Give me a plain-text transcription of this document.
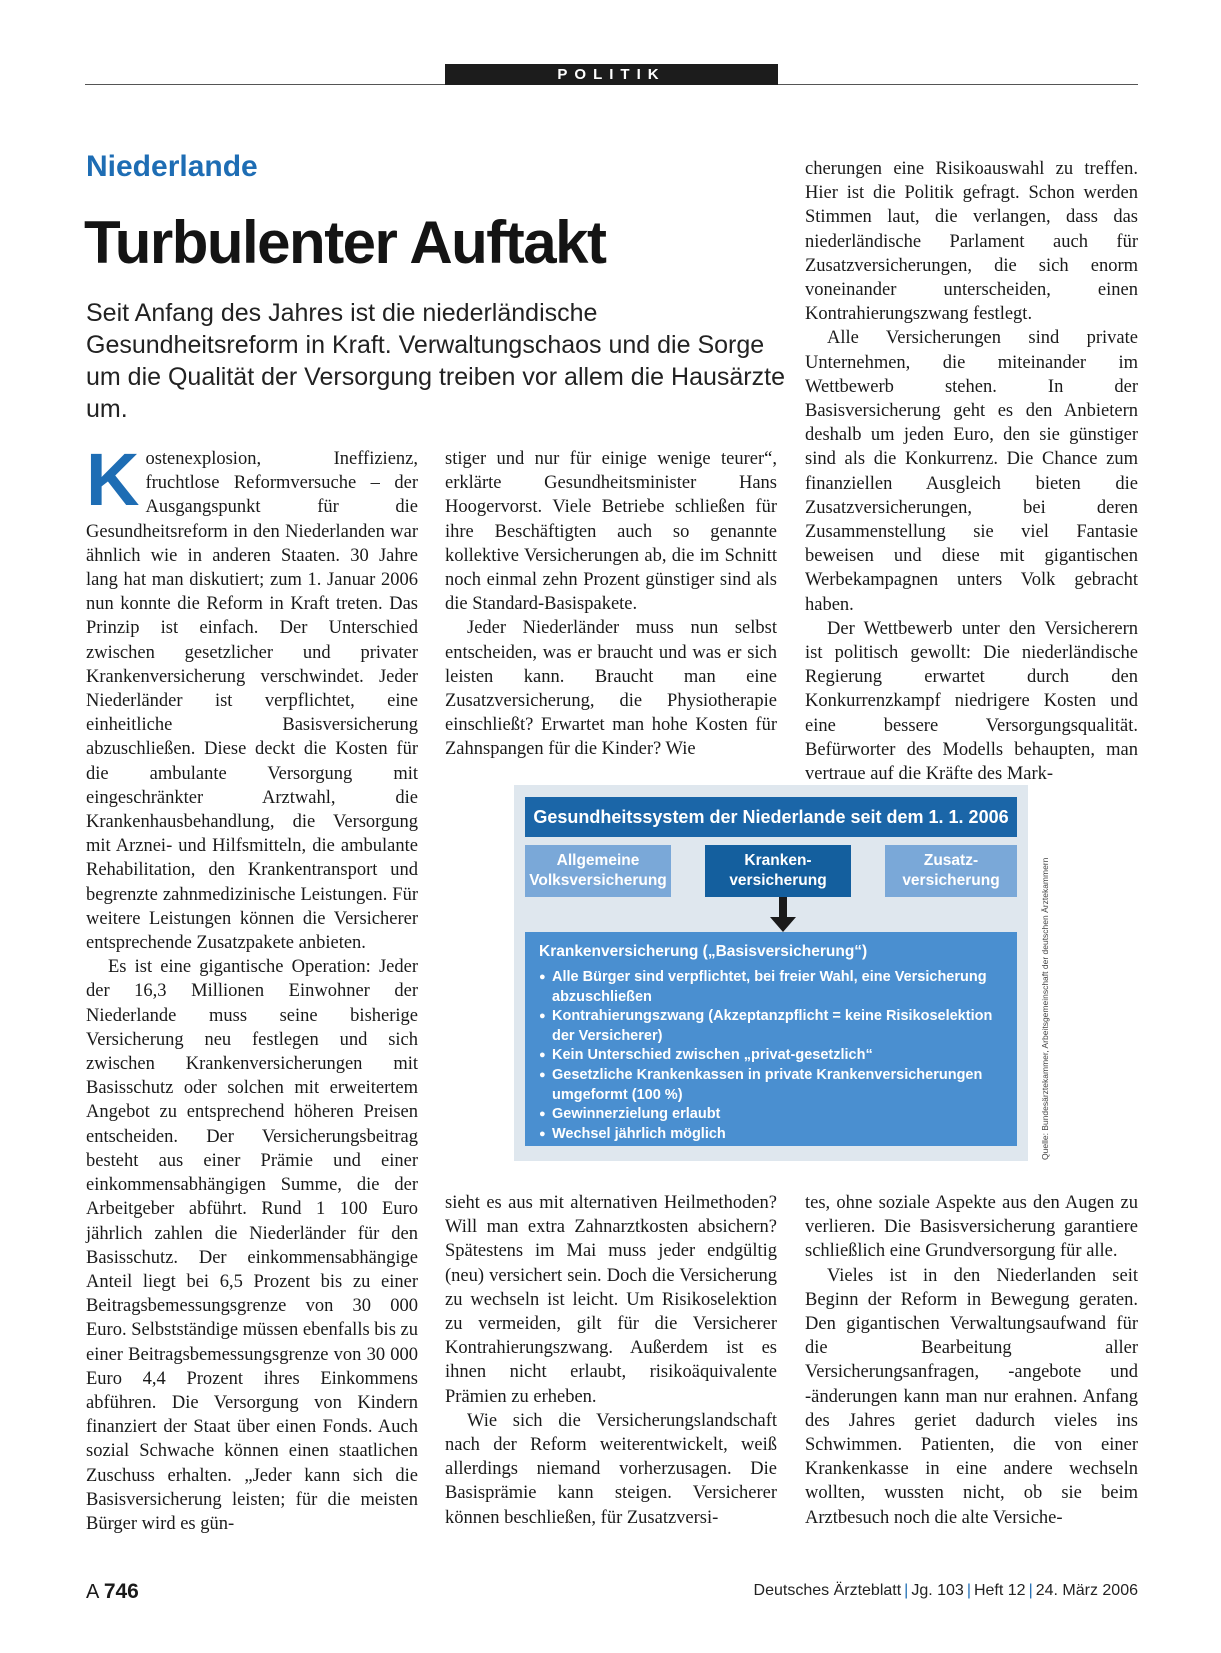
POLITIK
Niederlande
Turbulenter Auftakt
Seit Anfang des Jahres ist die niederländische Gesundheitsreform in Kraft. Verwaltungschaos und die Sorge um die Qualität der Versorgung treiben vor allem die Hausärzte um.

Kostenexplosion, Ineffizienz, fruchtlose Reformversuche – der Ausgangspunkt für die Gesundheitsreform in den Niederlanden war ähnlich wie in anderen Staaten. 30 Jahre lang hat man diskutiert; zum 1. Januar 2006 nun konnte die Reform in Kraft treten. Das Prinzip ist einfach. Der Unterschied zwischen gesetzlicher und privater Krankenversicherung verschwindet. Jeder Niederländer ist verpflichtet, eine einheitliche Basisversicherung abzuschließen. Diese deckt die Kosten für die ambulante Versorgung mit eingeschränkter Arztwahl, die Krankenhausbehandlung, die Versorgung mit Arznei- und Hilfsmitteln, die ambulante Rehabilitation, den Krankentransport und begrenzte zahnmedizinische Leistungen. Für weitere Leistungen können die Versicherer entsprechende Zusatzpakete anbieten.

Es ist eine gigantische Operation: Jeder der 16,3 Millionen Einwohner der Niederlande muss seine bisherige Versicherung neu festlegen und sich zwischen Krankenversicherungen mit Basisschutz oder solchen mit erweitertem Angebot zu entsprechend höheren Preisen entscheiden. Der Versicherungsbeitrag besteht aus einer Prämie und einer einkommensabhängigen Summe, die der Arbeitgeber abführt. Rund 1 100 Euro jährlich zahlen die Niederländer für den Basisschutz. Der einkommensabhängige Anteil liegt bei 6,5 Prozent bis zu einer Beitragsbemessungsgrenze von 30 000 Euro. Selbstständige müssen ebenfalls bis zu einer Beitragsbemessungsgrenze von 30 000 Euro 4,4 Prozent ihres Einkommens abführen. Die Versorgung von Kindern finanziert der Staat über einen Fonds. Auch sozial Schwache können einen staatlichen Zuschuss erhalten. „Jeder kann sich die Basisversicherung leisten; für die meisten Bürger wird es gün-

stiger und nur für einige wenige teurer“, erklärte Gesundheitsminister Hans Hoogervorst. Viele Betriebe schließen für ihre Beschäftigten auch so genannte kollektive Versicherungen ab, die im Schnitt noch einmal zehn Prozent günstiger sind als die Standard-Basispakete.

Jeder Niederländer muss nun selbst entscheiden, was er braucht und was er sich leisten kann. Braucht man eine Zusatzversicherung, die Physiotherapie einschließt? Erwartet man hohe Kosten für Zahnspangen für die Kinder? Wie

cherungen eine Risikoauswahl zu treffen. Hier ist die Politik gefragt. Schon werden Stimmen laut, die verlangen, dass das niederländische Parlament auch für Zusatzversicherungen, die sich enorm voneinander unterscheiden, einen Kontrahierungszwang festlegt.

Alle Versicherungen sind private Unternehmen, die miteinander im Wettbewerb stehen. In der Basisversicherung geht es den Anbietern deshalb um jeden Euro, den sie günstiger sind als die Konkurrenz. Die Chance zum finanziellen Ausgleich bieten die Zusatzversicherungen, bei deren Zusammenstellung sie viel Fantasie beweisen und diese mit gigantischen Werbekampagnen unters Volk gebracht haben.

Der Wettbewerb unter den Versicherern ist politisch gewollt: Die niederländische Regierung erwartet durch den Konkurrenzkampf niedrigere Kosten und eine bessere Versorgungsqualität. Befürworter des Modells behaupten, man vertraue auf die Kräfte des Mark-

Gesundheitssystem der Niederlande seit dem 1. 1. 2006
Allgemeine Volksversicherung
Kranken-versicherung
Zusatz-versicherung
Krankenversicherung („Basisversicherung“)
● Alle Bürger sind verpflichtet, bei freier Wahl, eine Versicherung abzuschließen
● Kontrahierungszwang (Akzeptanzpflicht = keine Risikoselektion der Versicherer)
● Kein Unterschied zwischen „privat-gesetzlich“
● Gesetzliche Krankenkassen in private Krankenversicherungen umgeformt (100 %)
● Gewinnerzielung erlaubt
● Wechsel jährlich möglich	Quelle: Bundesärztekammer, Arbeitsgemeinschaft der deutschen Ärztekammern

sieht es aus mit alternativen Heilmethoden? Will man extra Zahnarztkosten absichern? Spätestens im Mai muss jeder endgültig (neu) versichert sein. Doch die Versicherung zu wechseln ist leicht. Um Risikoselektion zu vermeiden, gilt für die Versicherer Kontrahierungszwang. Außerdem ist es ihnen nicht erlaubt, risikoäquivalente Prämien zu erheben.

Wie sich die Versicherungslandschaft nach der Reform weiterentwickelt, weiß allerdings niemand vorherzusagen. Die Basisprämie kann steigen. Versicherer können beschließen, für Zusatzversi-

tes, ohne soziale Aspekte aus den Augen zu verlieren. Die Basisversicherung garantiere schließlich eine Grundversorgung für alle.

Vieles ist in den Niederlanden seit Beginn der Reform in Bewegung geraten. Den gigantischen Verwaltungsaufwand für die Bearbeitung aller Versicherungsanfragen, -angebote und -änderungen kann man nur erahnen. Anfang des Jahres geriet dadurch vieles ins Schwimmen. Patienten, die von einer Krankenkasse in eine andere wechseln wollten, wussten nicht, ob sie beim Arztbesuch noch die alte Versiche-

A 746	Deutsches Ärzteblatt | Jg. 103 | Heft 12 | 24. März 2006
